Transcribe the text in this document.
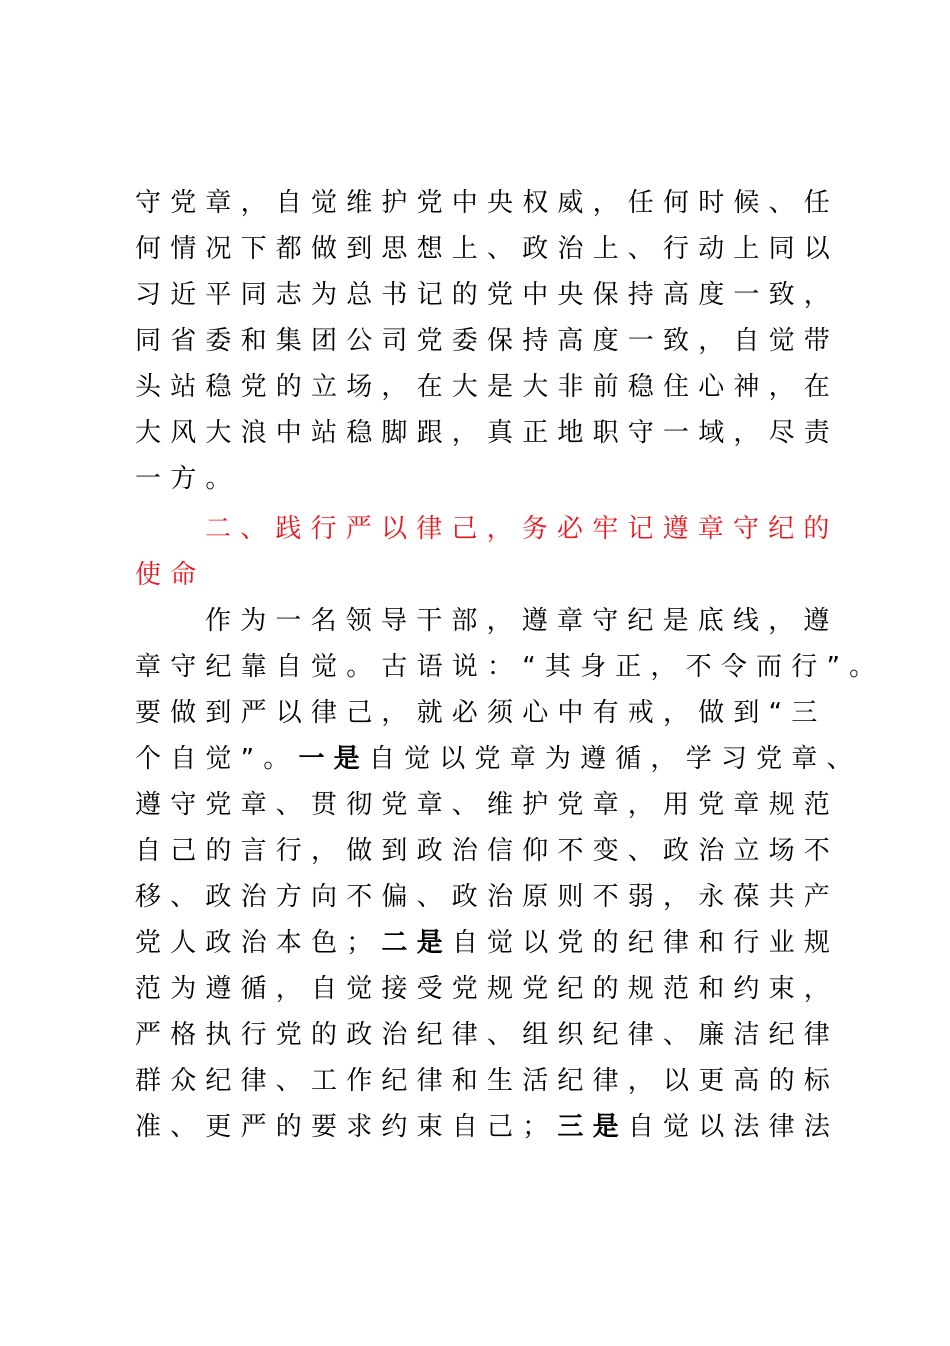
守党章，自觉维护党中央权威，任何时候、任
何情况下都做到思想上、政治上、行动上同以
习近平同志为总书记的党中央保持高度一致，
同省委和集团公司党委保持高度一致，自觉带
头站稳党的立场，在大是大非前稳住心神，在
大风大浪中站稳脚跟，真正地职守一域，尽责
一方。
二、践行严以律己，务必牢记遵章守纪的
使命
作为一名领导干部，遵章守纪是底线，遵
章守纪靠自觉。古语说：“其身正，不令而行”。
要做到严以律己，就必须心中有戒，做到“三
个自觉”。一是自觉以党章为遵循，学习党章、
遵守党章、贯彻党章、维护党章，用党章规范
自己的言行，做到政治信仰不变、政治立场不
移、政治方向不偏、政治原则不弱，永葆共产
党人政治本色；二是自觉以党的纪律和行业规
范为遵循，自觉接受党规党纪的规范和约束，
严格执行党的政治纪律、组织纪律、廉洁纪律
群众纪律、工作纪律和生活纪律，以更高的标
准、更严的要求约束自己；三是自觉以法律法
